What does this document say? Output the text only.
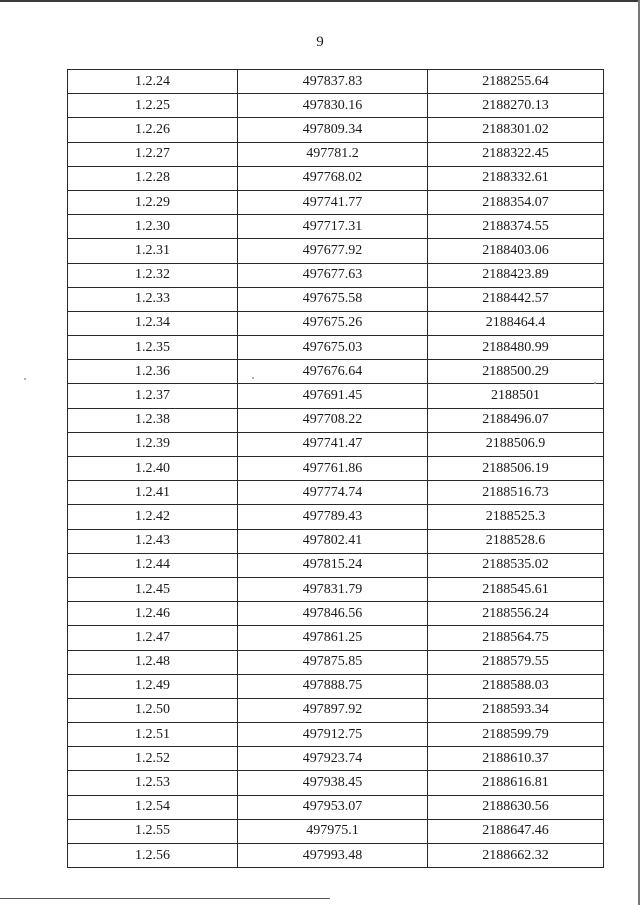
9
1.2.24	497837.83	2188255.64
1.2.25	497830.16	2188270.13
1.2.26	497809.34	2188301.02
1.2.27	497781.2	2188322.45
1.2.28	497768.02	2188332.61
1.2.29	497741.77	2188354.07
1.2.30	497717.31	2188374.55
1.2.31	497677.92	2188403.06
1.2.32	497677.63	2188423.89
1.2.33	497675.58	2188442.57
1.2.34	497675.26	2188464.4
1.2.35	497675.03	2188480.99
1.2.36	497676.64	2188500.29
1.2.37	497691.45	2188501
1.2.38	497708.22	2188496.07
1.2.39	497741.47	2188506.9
1.2.40	497761.86	2188506.19
1.2.41	497774.74	2188516.73
1.2.42	497789.43	2188525.3
1.2.43	497802.41	2188528.6
1.2.44	497815.24	2188535.02
1.2.45	497831.79	2188545.61
1.2.46	497846.56	2188556.24
1.2.47	497861.25	2188564.75
1.2.48	497875.85	2188579.55
1.2.49	497888.75	2188588.03
1.2.50	497897.92	2188593.34
1.2.51	497912.75	2188599.79
1.2.52	497923.74	2188610.37
1.2.53	497938.45	2188616.81
1.2.54	497953.07	2188630.56
1.2.55	497975.1	2188647.46
1.2.56	497993.48	2188662.32
